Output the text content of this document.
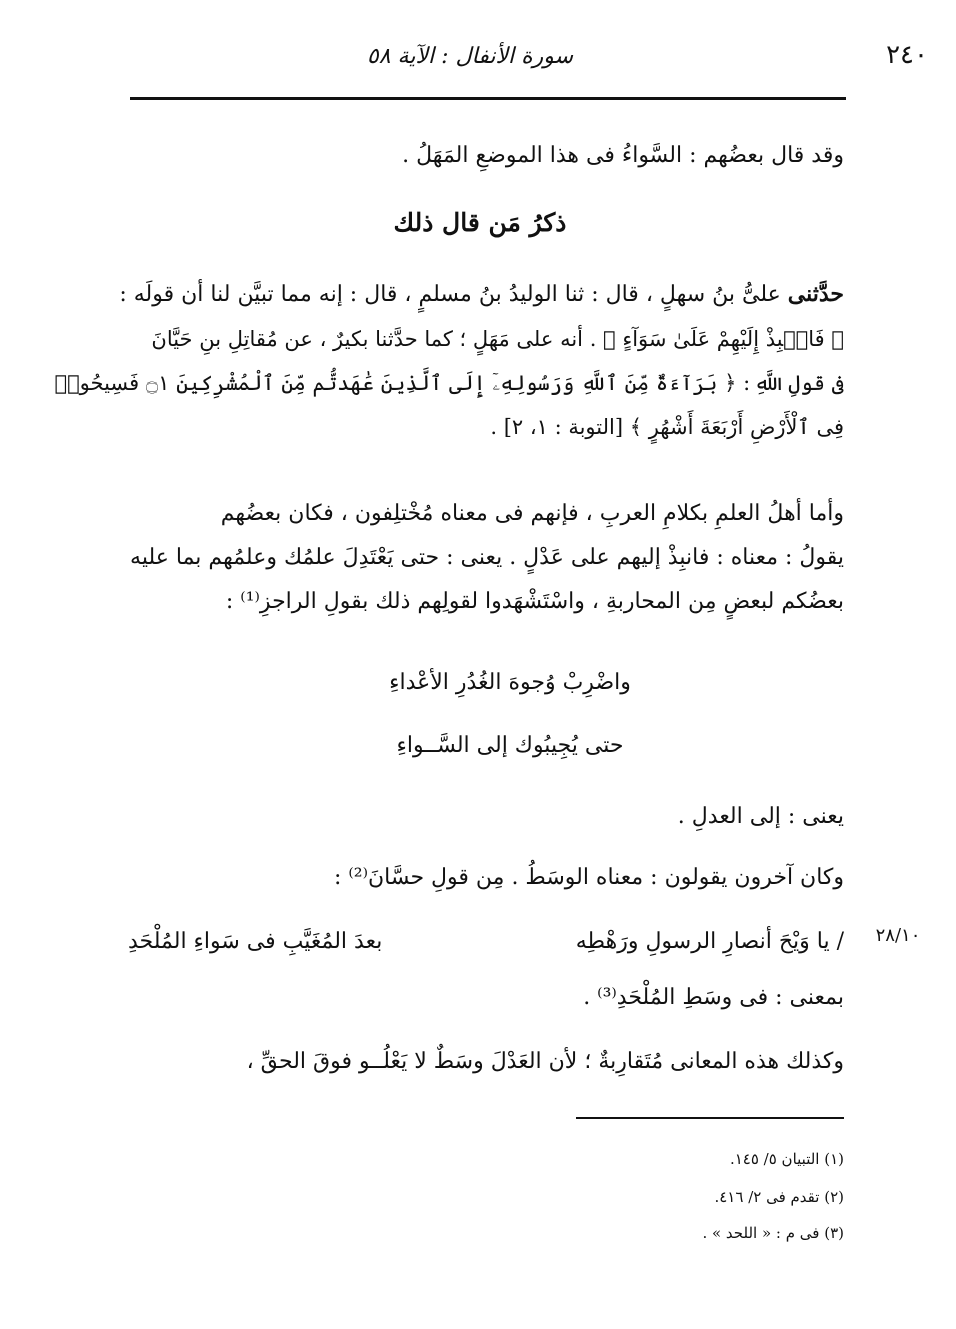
٢٤٠
سورة الأنفال : الآية ٥٨
وقد قال بعضُهم : السَّواءُ فى هذا الموضعِ المَهَلُ .
ذكرُ مَن قال ذلك
حدَّثنى علىُّ بنُ سهلٍ ، قال : ثنا الوليدُ بنُ مسلمٍ ، قال : إنه مما تبيَّن لنا أن قولَه :
﴿ فَانۢبِذْ إِلَيْهِمْ عَلَىٰ سَوَآءٍ ﴾ . أنه على مَهَلٍ ؛ كما حدَّثنا بكيرٌ ، عن مُقاتِلِ بنِ حَيَّانَ
فى قولِ اللَّهِ : ﴿ بَرَآءَةٌ مِّنَ ٱللَّهِ وَرَسُولِهِۦٓ إِلَى ٱلَّذِينَ عَٰهَدتُّم مِّنَ ٱلْمُشْرِكِينَ ۝١ فَسِيحُوا۟
فِى ٱلْأَرْضِ أَرْبَعَةَ أَشْهُرٍ ﴾ [التوبة : ١، ٢] .
وأما أهلُ العلمِ بكلامِ العربِ ، فإنهم فى معناه مُخْتلِفون ، فكان بعضُهم
يقولُ : معناه : فانبِذْ إليهم على عَدْلٍ . يعنى : حتى يَعْتَدِلَ علمُك وعلمُهم بما عليه
بعضُكم لبعضٍ مِن المحاربةِ ، واسْتَشْهَدوا لقولِهم ذلك بقولِ الراجزِ⁽¹⁾ :
واضْرِبْ وُجوهَ الغُدُرِ الأعْداءِ
حتى يُجِيبُوك إلى السَّــواءِ
يعنى : إلى العدلِ .
وكان آخرون يقولون : معناه الوسَطُ . مِن قولِ حسَّانَ⁽²⁾ :
٢٨/١٠
/ يا وَيْحَ أنصارِ الرسولِ ورَهْطِه
بعدَ المُغَيَّبِ فى سَواءِ المُلْحَدِ
بمعنى : فى وسَطِ المُلْحَدِ⁽³⁾ .
وكذلك هذه المعانى مُتَقارِبةٌ ؛ لأن العَدْلَ وسَطٌ لا يَعْلُــو فوقَ الحقِّ ،
(١) التبيان ٥/ ١٤٥.
(٢) تقدم فى ٢/ ٤١٦.
(٣) فى م : « اللحد » .
